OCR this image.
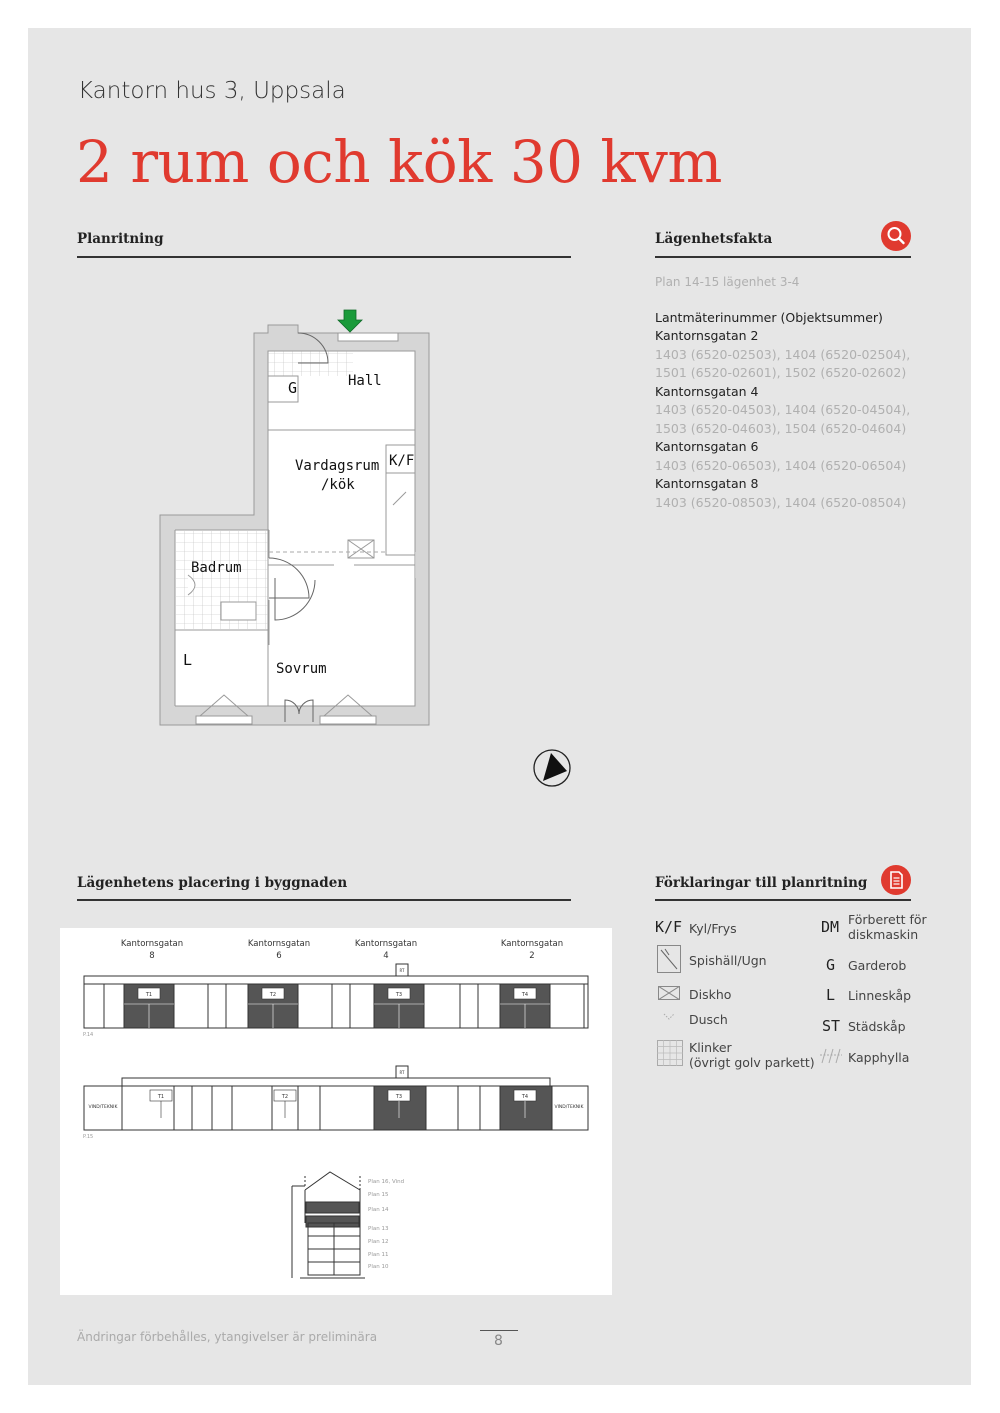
Kantorn hus 3, Uppsala
2 rum och kök 30 kvm
Planritning	Lägenhetsfakta
Plan 14-15 lägenhet 3-4
Lantmäterinummer (Objektsummer)
Kantornsgatan 2
1403 (6520-02503), 1404 (6520-02504),
1501 (6520-02601), 1502 (6520-02602)
Kantornsgatan 4
1403 (6520-04503), 1404 (6520-04504),
1503 (6520-04603), 1504 (6520-04604)
Kantornsgatan 6
1403 (6520-06503), 1404 (6520-06504)
Kantornsgatan 8
1403 (6520-08503), 1404 (6520-08504)
G	Hall
Vardagsrum
/kök
K/F
Badrum
L	Sovrum
Lägenhetens placering i byggnaden
Kantornsgatan
8
Kantornsgatan
6
Kantornsgatan
4
Kantornsgatan
2
T1	T2	T3	T4
P.14
RT
T1	T2	T3	T4
P.15
RT
VIND/TEKNIK	VIND/TEKNIK
Plan 16, Vind
Plan 15
Plan 14
Plan 13
Plan 12
Plan 11
Plan 10
Förklaringar till planritning
K/F Kyl/Frys
Spishäll/Ugn
Diskho
Dusch
Klinker
(övrigt golv parkett)
DM Förberett för
diskmaskin
G Garderob
L Linneskåp
ST Städskåp
Kapphylla
Ändringar förbehålles, ytangivelser är preliminära	8
